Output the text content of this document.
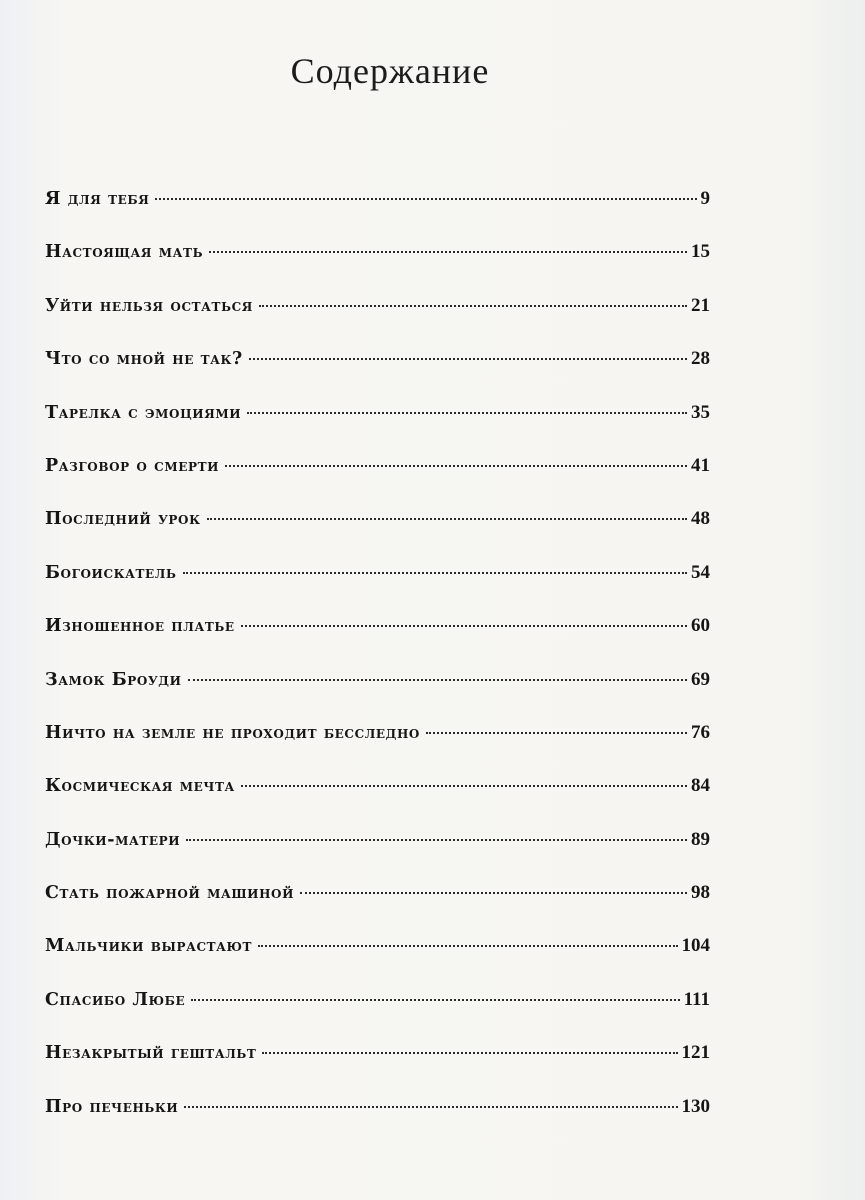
Содержание
Я для тебя	9
Настоящая мать	15
Уйти нельзя остаться	21
Что со мной не так?	28
Тарелка с эмоциями	35
Разговор о смерти	41
Последний урок	48
Богоискатель	54
Изношенное платье	60
Замок Броуди	69
Ничто на земле не проходит бесследно	76
Космическая мечта	84
Дочки-матери	89
Стать пожарной машиной	98
Мальчики вырастают	104
Спасибо Любе	111
Незакрытый гештальт	121
Про печеньки	130
